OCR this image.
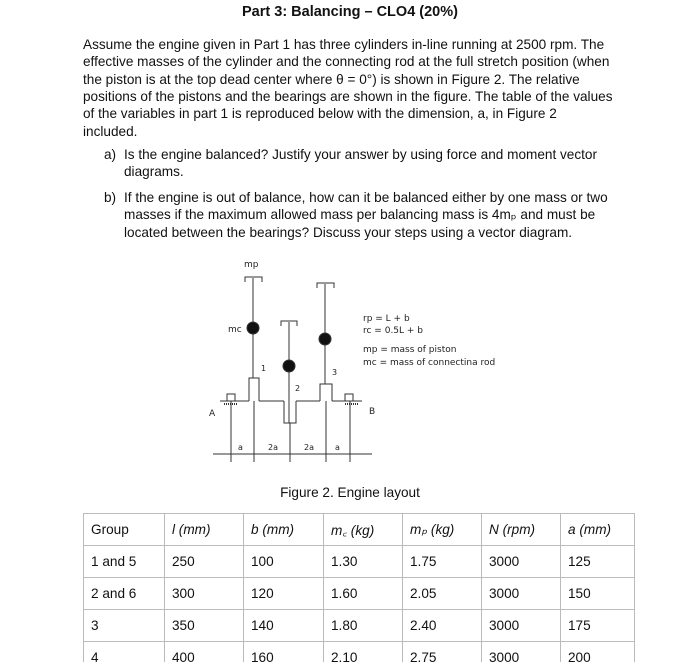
Part 3: Balancing – CLO4 (20%)
Assume the engine given in Part 1 has three cylinders in-line running at 2500 rpm. The
effective masses of the cylinder and the connecting rod at the full stretch position (when
the piston is at the top dead center where θ = 0°) is shown in Figure 2. The relative
positions of the pistons and the bearings are shown in the figure. The table of the values
of the variables in part 1 is reproduced below with the dimension, a, in Figure 2
included.
a) Is the engine balanced? Justify your answer by using force and moment vector
diagrams.
b) If the engine is out of balance, how can it be balanced either by one mass or two
masses if the maximum allowed mass per balancing mass is 4mₚ and must be
located between the bearings? Discuss your steps using a vector diagram.
mp
mc
A	B
1
2
3
a	2a	2a	a
rp = L + b
rc = 0.5L + b
mp = mass of piston
mc = mass of connectina rod
Figure 2. Engine layout
Group	l (mm)	b (mm)	m꜀ (kg)	mₚ (kg)	N (rpm)	a (mm)
1 and 5	250	100	1.30	1.75	3000	125
2 and 6	300	120	1.60	2.05	3000	150
3	350	140	1.80	2.40	3000	175
4	400	160	2.10	2.75	3000	200
